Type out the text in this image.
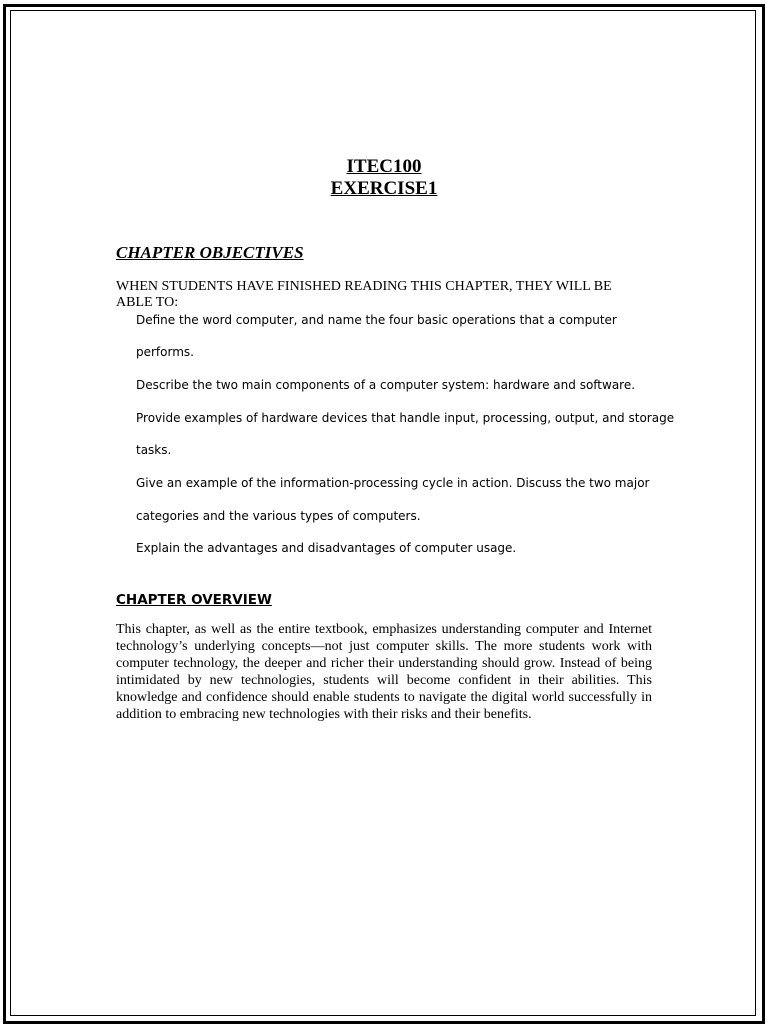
ITEC100
EXERCISE1
CHAPTER OBJECTIVES
WHEN STUDENTS HAVE FINISHED READING THIS CHAPTER, THEY WILL BE ABLE TO:
Define the word computer, and name the four basic operations that a computer
performs.
Describe the two main components of a computer system: hardware and software.
Provide examples of hardware devices that handle input, processing, output, and storage
tasks.
Give an example of the information-processing cycle in action. Discuss the two major
categories and the various types of computers.
Explain the advantages and disadvantages of computer usage.
CHAPTER OVERVIEW

This chapter, as well as the entire textbook, emphasizes understanding computer and Internet technology’s underlying concepts—not just computer skills. The more students work with computer technology, the deeper and richer their understanding should grow. Instead of being intimidated by new technologies, students will become confident in their abilities. This knowledge and confidence should enable students to navigate the digital world successfully in addition to embracing new technologies with their risks and their benefits.
